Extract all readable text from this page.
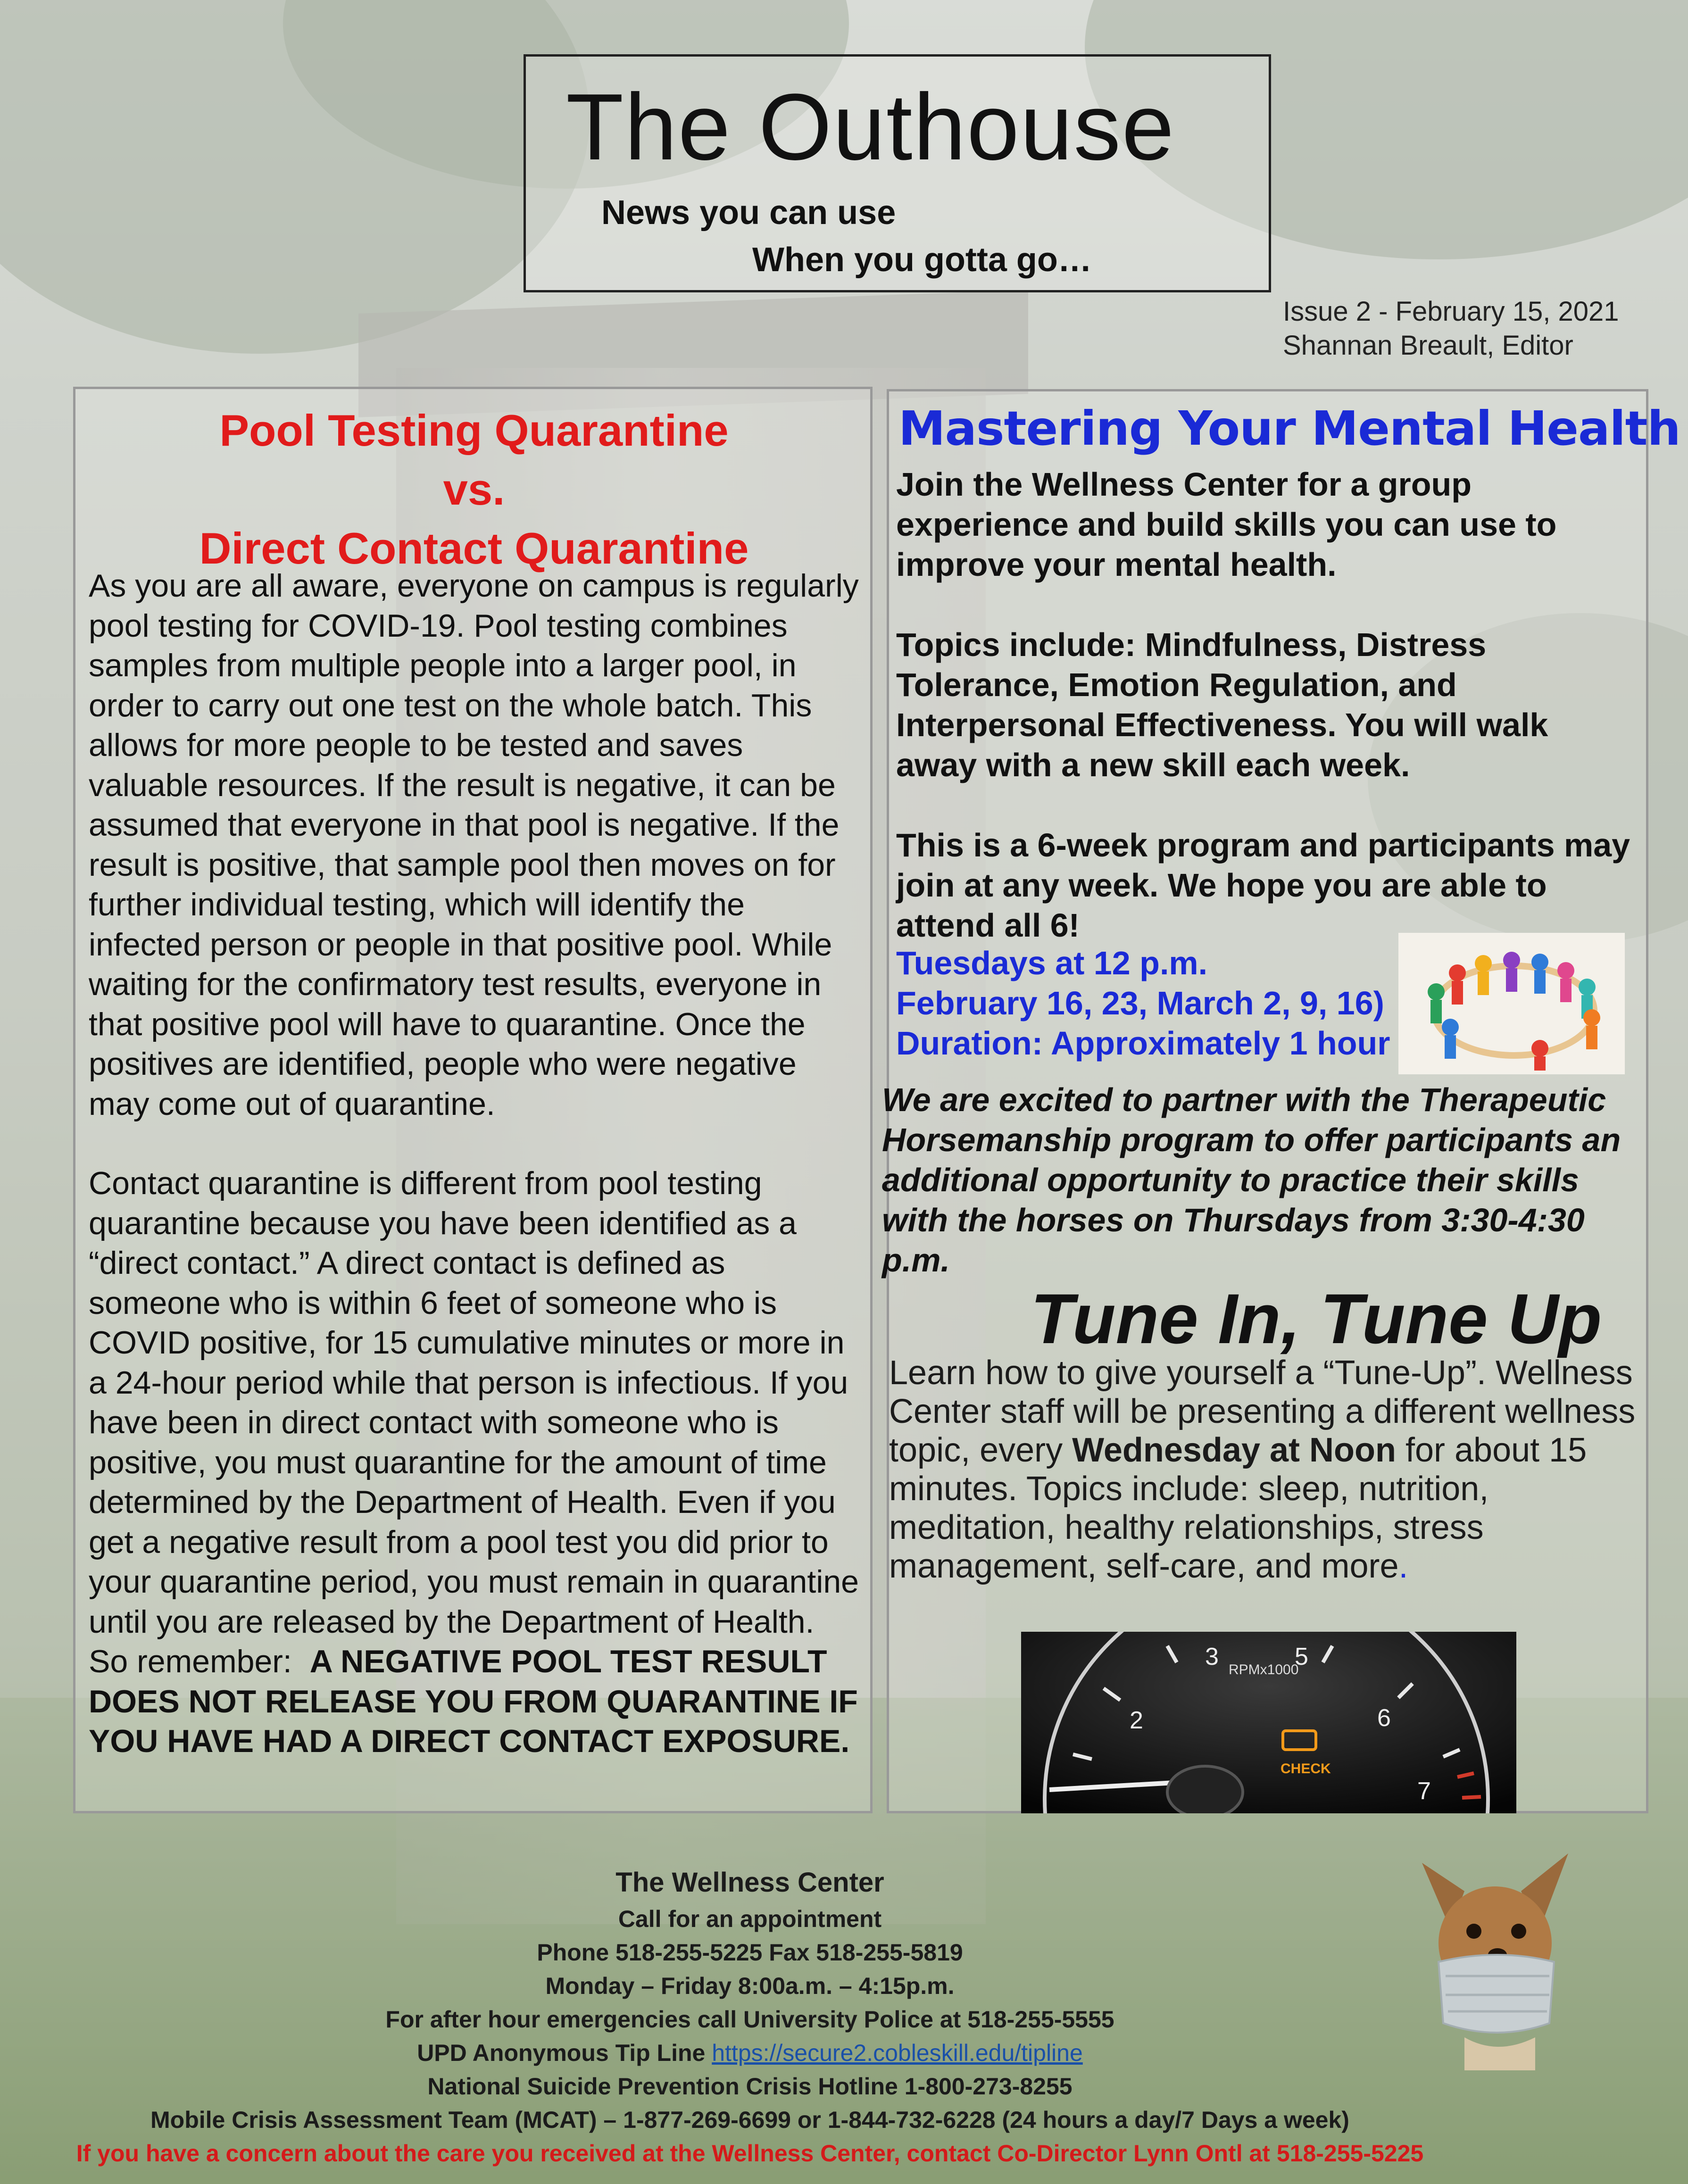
The Outhouse
News you can use
When you gotta go…
Issue 2 - February 15, 2021
Shannan Breault, Editor
Pool Testing Quarantine
vs.
Direct Contact Quarantine

As you are all aware, everyone on campus is regularly pool testing for COVID-19. Pool testing combines samples from multiple people into a larger pool, in order to carry out one test on the whole batch. This allows for more people to be tested and saves valuable resources. If the result is negative, it can be assumed that everyone in that pool is negative. If the result is positive, that sample pool then moves on for further individual testing, which will identify the infected person or people in that positive pool. While waiting for the confirmatory test results, everyone in that positive pool will have to quarantine. Once the positives are identified, people who were negative may come out of quarantine.

Contact quarantine is different from pool testing quarantine because you have been identified as a “direct contact.” A direct contact is defined as someone who is within 6 feet of someone who is COVID positive, for 15 cumulative minutes or more in a 24-hour period while that person is infectious. If you have been in direct contact with someone who is positive, you must quarantine for the amount of time determined by the Department of Health. Even if you get a negative result from a pool test you did prior to your quarantine period, you must remain in quarantine until you are released by the Department of Health. So remember: A NEGATIVE POOL TEST RESULT DOES NOT RELEASE YOU FROM QUARANTINE IF YOU HAVE HAD A DIRECT CONTACT EXPOSURE.

Mastering Your Mental Health

Join the Wellness Center for a group experience and build skills you can use to improve your mental health.

Topics include: Mindfulness, Distress Tolerance, Emotion Regulation, and Interpersonal Effectiveness. You will walk away with a new skill each week.

This is a 6-week program and participants may join at any week. We hope you are able to attend all 6!

Tuesdays at 12 p.m.
February 16, 23, March 2, 9, 16)
Duration: Approximately 1 hour
We are excited to partner with the Therapeutic Horsemanship program to offer participants an additional opportunity to practice their skills with the horses on Thursdays from 3:30-4:30 p.m.
Tune In, Tune Up
Learn how to give yourself a “Tune-Up”. Wellness Center staff will be presenting a different wellness topic, every Wednesday at Noon for about 15 minutes. Topics include: sleep, nutrition, meditation, healthy relationships, stress management, self-care, and more.
2
3	5
6
7
RPMx1000
CHECK
The Wellness Center
Call for an appointment
Phone 518-255-5225 Fax 518-255-5819
Monday – Friday 8:00a.m. – 4:15p.m.
For after hour emergencies call University Police at 518-255-5555
UPD Anonymous Tip Line https://secure2.cobleskill.edu/tipline
National Suicide Prevention Crisis Hotline 1-800-273-8255
Mobile Crisis Assessment Team (MCAT) – 1-877-269-6699 or 1-844-732-6228 (24 hours a day/7 Days a week)
If you have a concern about the care you received at the Wellness Center, contact Co-Director Lynn Ontl at 518-255-5225
